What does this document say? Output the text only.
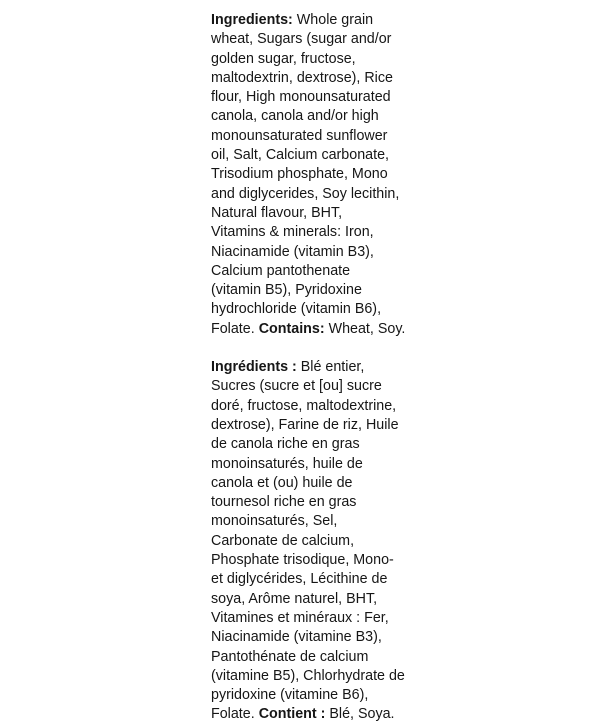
Ingredients: Whole grain
wheat, Sugars (sugar and/or
golden sugar, fructose,
maltodextrin, dextrose), Rice
flour, High monounsaturated
canola, canola and/or high
monounsaturated sunflower
oil, Salt, Calcium carbonate,
Trisodium phosphate, Mono
and diglycerides, Soy lecithin,
Natural flavour, BHT,
Vitamins & minerals: Iron,
Niacinamide (vitamin B3),
Calcium pantothenate
(vitamin B5), Pyridoxine
hydrochloride (vitamin B6),
Folate. Contains: Wheat, Soy.
Ingrédients : Blé entier,
Sucres (sucre et [ou] sucre
doré, fructose, maltodextrine,
dextrose), Farine de riz, Huile
de canola riche en gras
monoinsaturés, huile de
canola et (ou) huile de
tournesol riche en gras
monoinsaturés, Sel,
Carbonate de calcium,
Phosphate trisodique, Mono-
et diglycérides, Lécithine de
soya, Arôme naturel, BHT,
Vitamines et minéraux : Fer,
Niacinamide (vitamine B3),
Pantothénate de calcium
(vitamine B5), Chlorhydrate de
pyridoxine (vitamine B6),
Folate. Contient : Blé, Soya.
